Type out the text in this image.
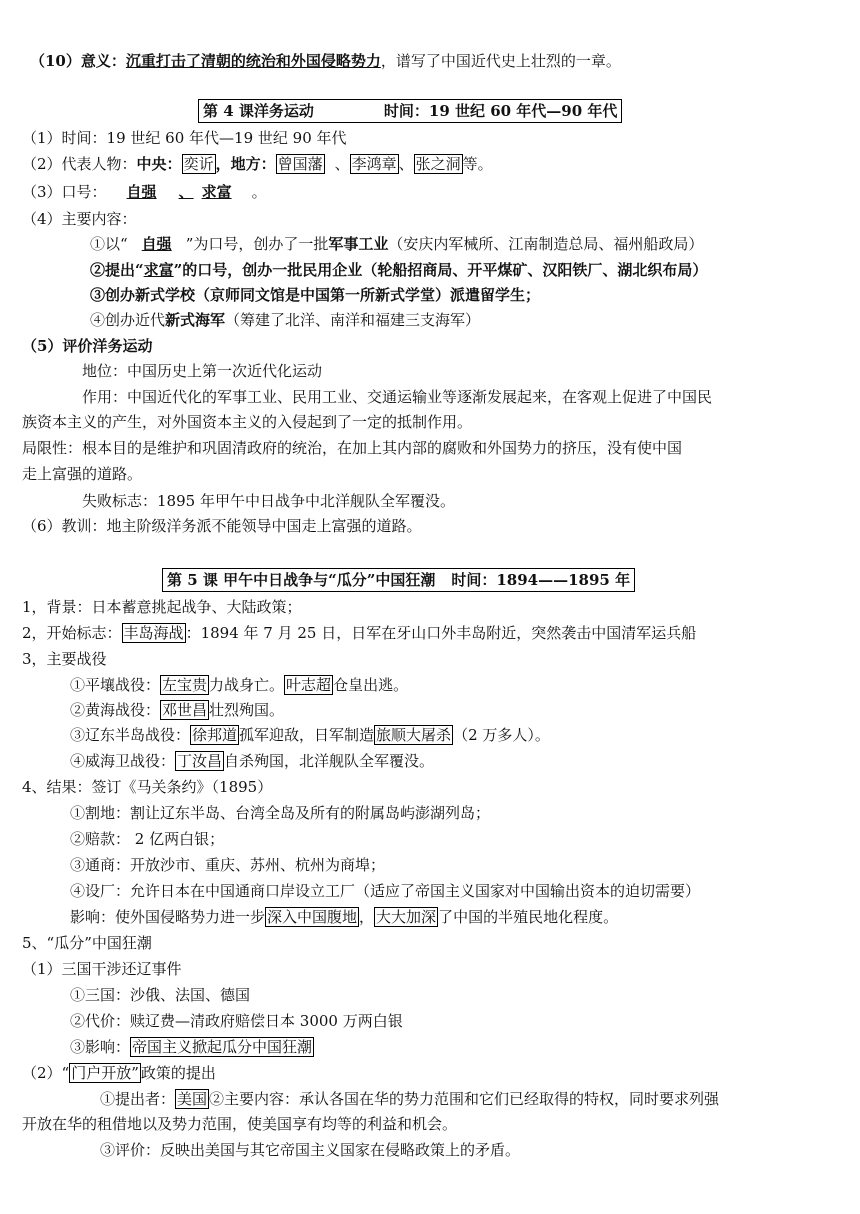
（10）意义：沉重打击了清朝的统治和外国侵略势力，谱写了中国近代史上壮烈的一章。
第 4 课洋务运动	时间：19 世纪 60 年代—90 年代
（1）时间：19 世纪 60 年代—19 世纪 90 年代
（2）代表人物：中央： 奕䜣 ，地方： 曾国藩 、 李鸿章 、 张之洞 等。
（3）口号： 自强 、 求富 。
（4）主要内容：
①以“ 自强 ”为口号，创办了一批军事工业（安庆内军械所、江南制造总局、福州船政局）
②提出“求富”的口号，创办一批民用企业（轮船招商局、开平煤矿、汉阳铁厂、湖北织布局）
③创办新式学校（京师同文馆是中国第一所新式学堂）派遣留学生；
④创办近代新式海军（筹建了北洋、南洋和福建三支海军）
（5）评价洋务运动
地位：中国历史上第一次近代化运动
作用：中国近代化的军事工业、民用工业、交通运输业等逐渐发展起来，在客观上促进了中国民
族资本主义的产生，对外国资本主义的入侵起到了一定的抵制作用。
局限性：根本目的是维护和巩固清政府的统治，在加上其内部的腐败和外国势力的挤压，没有使中国
走上富强的道路。
失败标志：1895 年甲午中日战争中北洋舰队全军覆没。
（6）教训：地主阶级洋务派不能领导中国走上富强的道路。
第 5 课 甲午中日战争与“瓜分”中国狂潮 时间：1894——1895 年
1，背景：日本蓄意挑起战争、大陆政策；
2，开始标志： 丰岛海战 ：1894 年 7 月 25 日，日军在牙山口外丰岛附近，突然袭击中国清军运兵船
3，主要战役
①平壤战役： 左宝贵 力战身亡。 叶志超 仓皇出逃。
②黄海战役： 邓世昌 壮烈殉国。
③辽东半岛战役： 徐邦道 孤军迎敌，日军制造 旅顺大屠杀 （2 万多人）。
④威海卫战役： 丁汝昌 自杀殉国，北洋舰队全军覆没。
4、结果：签订《马关条约》（1895）
①割地：割让辽东半岛、台湾全岛及所有的附属岛屿澎湖列岛；
②赔款： 2 亿两白银；
③通商：开放沙市、重庆、苏州、杭州为商埠；
④设厂：允许日本在中国通商口岸设立工厂（适应了帝国主义国家对中国输出资本的迫切需要）
影响：使外国侵略势力进一步 深入中国腹地 ， 大大加深 了中国的半殖民地化程度。
5、“瓜分”中国狂潮
（1）三国干涉还辽事件
①三国：沙俄、法国、德国
②代价：赎辽费—清政府赔偿日本 3000 万两白银
③影响： 帝国主义掀起瓜分中国狂潮
（2）“ 门户开放” 政策的提出
①提出者： 美国 ②主要内容：承认各国在华的势力范围和它们已经取得的特权，同时要求列强
开放在华的租借地以及势力范围，使美国享有均等的利益和机会。
③评价：反映出美国与其它帝国主义国家在侵略政策上的矛盾。
